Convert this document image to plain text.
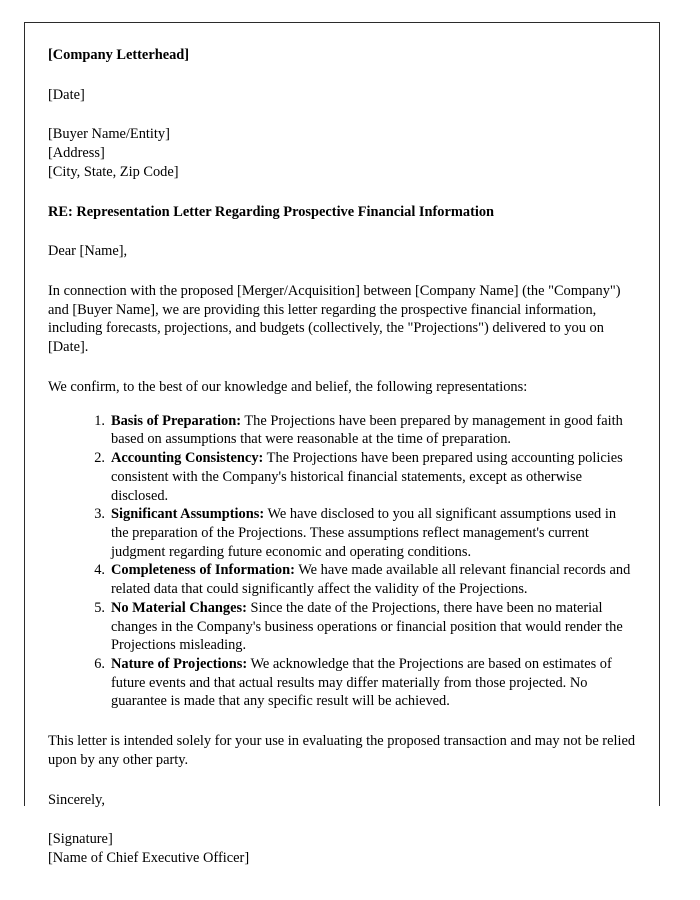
[Company Letterhead]
[Date]
[Buyer Name/Entity]
[Address]
[City, State, Zip Code]
RE: Representation Letter Regarding Prospective Financial Information
Dear [Name],

In connection with the proposed [Merger/Acquisition] between [Company Name] (the "Company") and [Buyer Name], we are providing this letter regarding the prospective financial information, including forecasts, projections, and budgets (collectively, the "Projections") delivered to you on [Date].

We confirm, to the best of our knowledge and belief, the following representations:

Basis of Preparation: The Projections have been prepared by management in good faith based on assumptions that were reasonable at the time of preparation.
Accounting Consistency: The Projections have been prepared using accounting policies consistent with the Company's historical financial statements, except as otherwise disclosed.
Significant Assumptions: We have disclosed to you all significant assumptions used in the preparation of the Projections. These assumptions reflect management's current judgment regarding future economic and operating conditions.
Completeness of Information: We have made available all relevant financial records and related data that could significantly affect the validity of the Projections.
No Material Changes: Since the date of the Projections, there have been no material changes in the Company's business operations or financial position that would render the Projections misleading.
Nature of Projections: We acknowledge that the Projections are based on estimates of future events and that actual results may differ materially from those projected. No guarantee is made that any specific result will be achieved.

This letter is intended solely for your use in evaluating the proposed transaction and may not be relied upon by any other party.

Sincerely,
[Signature]
[Name of Chief Executive Officer]
